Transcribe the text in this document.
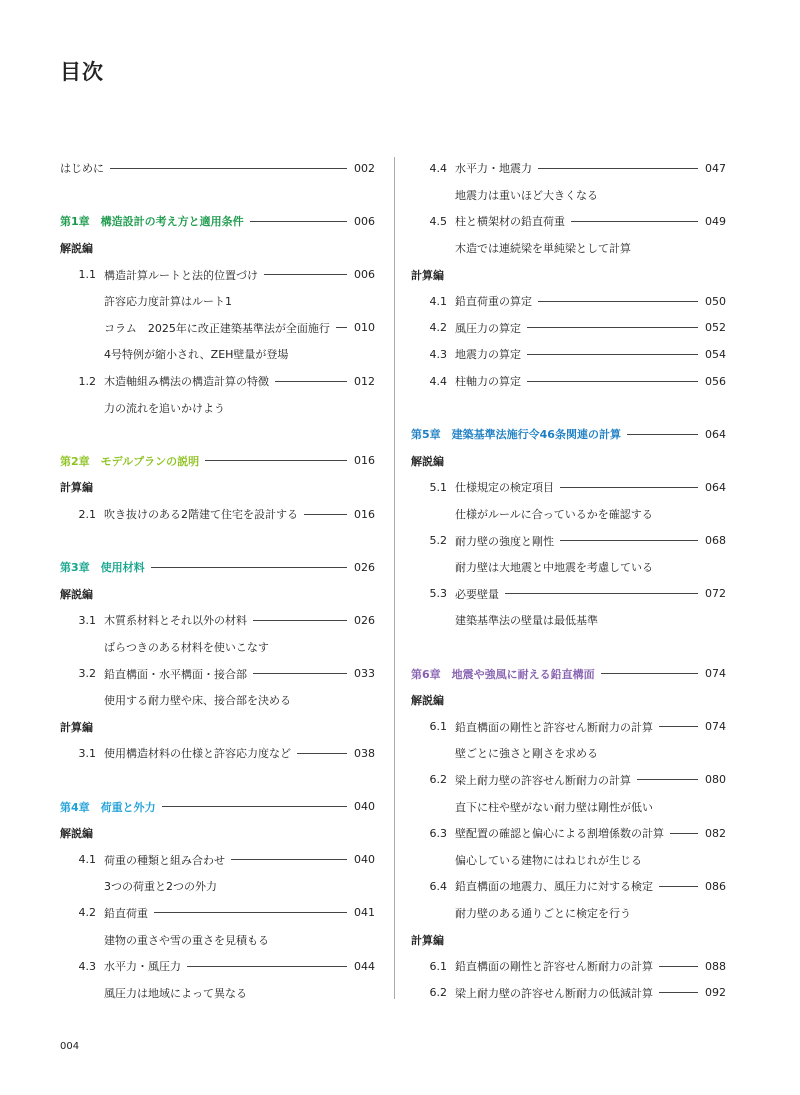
目次
はじめに	002
第1章　構造設計の考え方と適用条件	006
解説編
1.1 構造計算ルートと法的位置づけ	006
許容応力度計算はルート1
コラム　2025年に改正建築基準法が全面施行 010
4号特例が縮小され、ZEH壁量が登場
1.2 木造軸組み構法の構造計算の特徴	012
力の流れを追いかけよう
第2章　モデルプランの説明	016
計算編
2.1 吹き抜けのある2階建て住宅を設計する	016
第3章　使用材料	026
解説編
3.1 木質系材料とそれ以外の材料	026
ばらつきのある材料を使いこなす
3.2 鉛直構面・水平構面・接合部	033
使用する耐力壁や床、接合部を決める
計算編
3.1 使用構造材料の仕様と許容応力度など	038
第4章　荷重と外力	040
解説編
4.1 荷重の種類と組み合わせ	040
3つの荷重と2つの外力
4.2 鉛直荷重	041
建物の重さや雪の重さを見積もる
4.3 水平力・風圧力	044
風圧力は地域によって異なる
4.4 水平力・地震力	047
地震力は重いほど大きくなる
4.5 柱と横架材の鉛直荷重	049
木造では連続梁を単純梁として計算
計算編
4.1 鉛直荷重の算定	050
4.2 風圧力の算定	052
4.3 地震力の算定	054
4.4 柱軸力の算定	056
第5章　建築基準法施行令46条関連の計算	064
解説編
5.1 仕様規定の検定項目	064
仕様がルールに合っているかを確認する
5.2 耐力壁の強度と剛性	068
耐力壁は大地震と中地震を考慮している
5.3 必要壁量	072
建築基準法の壁量は最低基準
第6章　地震や強風に耐える鉛直構面	074
解説編
6.1 鉛直構面の剛性と許容せん断耐力の計算	074
壁ごとに強さと剛さを求める
6.2 梁上耐力壁の許容せん断耐力の計算	080
直下に柱や壁がない耐力壁は剛性が低い
6.3 壁配置の確認と偏心による割増係数の計算	082
偏心している建物にはねじれが生じる
6.4 鉛直構面の地震力、風圧力に対する検定	086
耐力壁のある通りごとに検定を行う
計算編
6.1 鉛直構面の剛性と許容せん断耐力の計算	088
6.2 梁上耐力壁の許容せん断耐力の低減計算	092
004
